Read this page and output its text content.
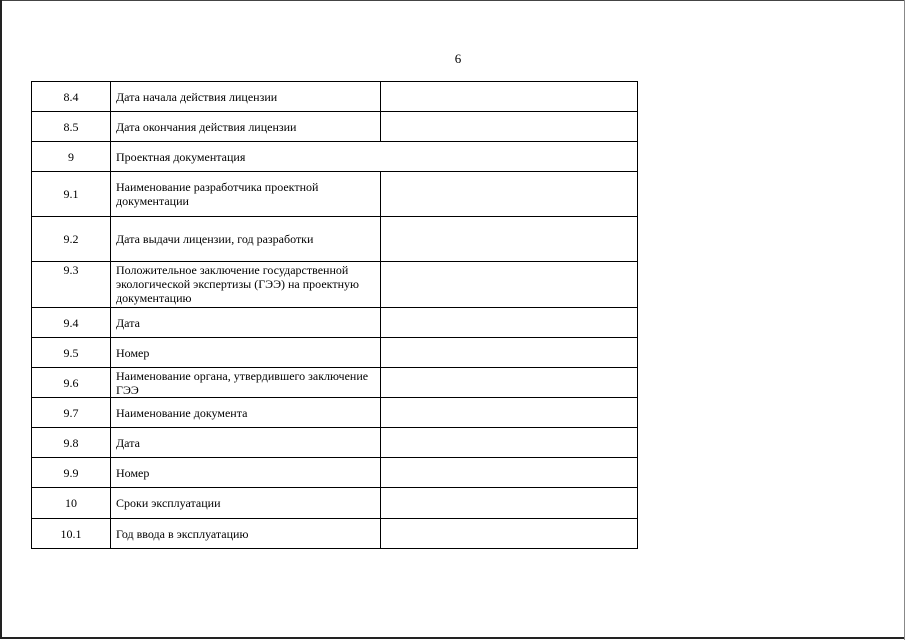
6
8.4	Дата начала действия лицензии	
8.5	Дата окончания действия лицензии	
9	Проектная документация	
9.1	Наименование разработчика проектной документации	
9.2	Дата выдачи лицензии, год разработки	
9.3	Положительное заключение государственной экологической экспертизы (ГЭЭ) на проектную документацию	
9.4	Дата	
9.5	Номер	
9.6	Наименование органа, утвердившего заключение ГЭЭ	
9.7	Наименование документа	
9.8	Дата	
9.9	Номер	
10	Сроки эксплуатации	
10.1	Год ввода в эксплуатацию	
